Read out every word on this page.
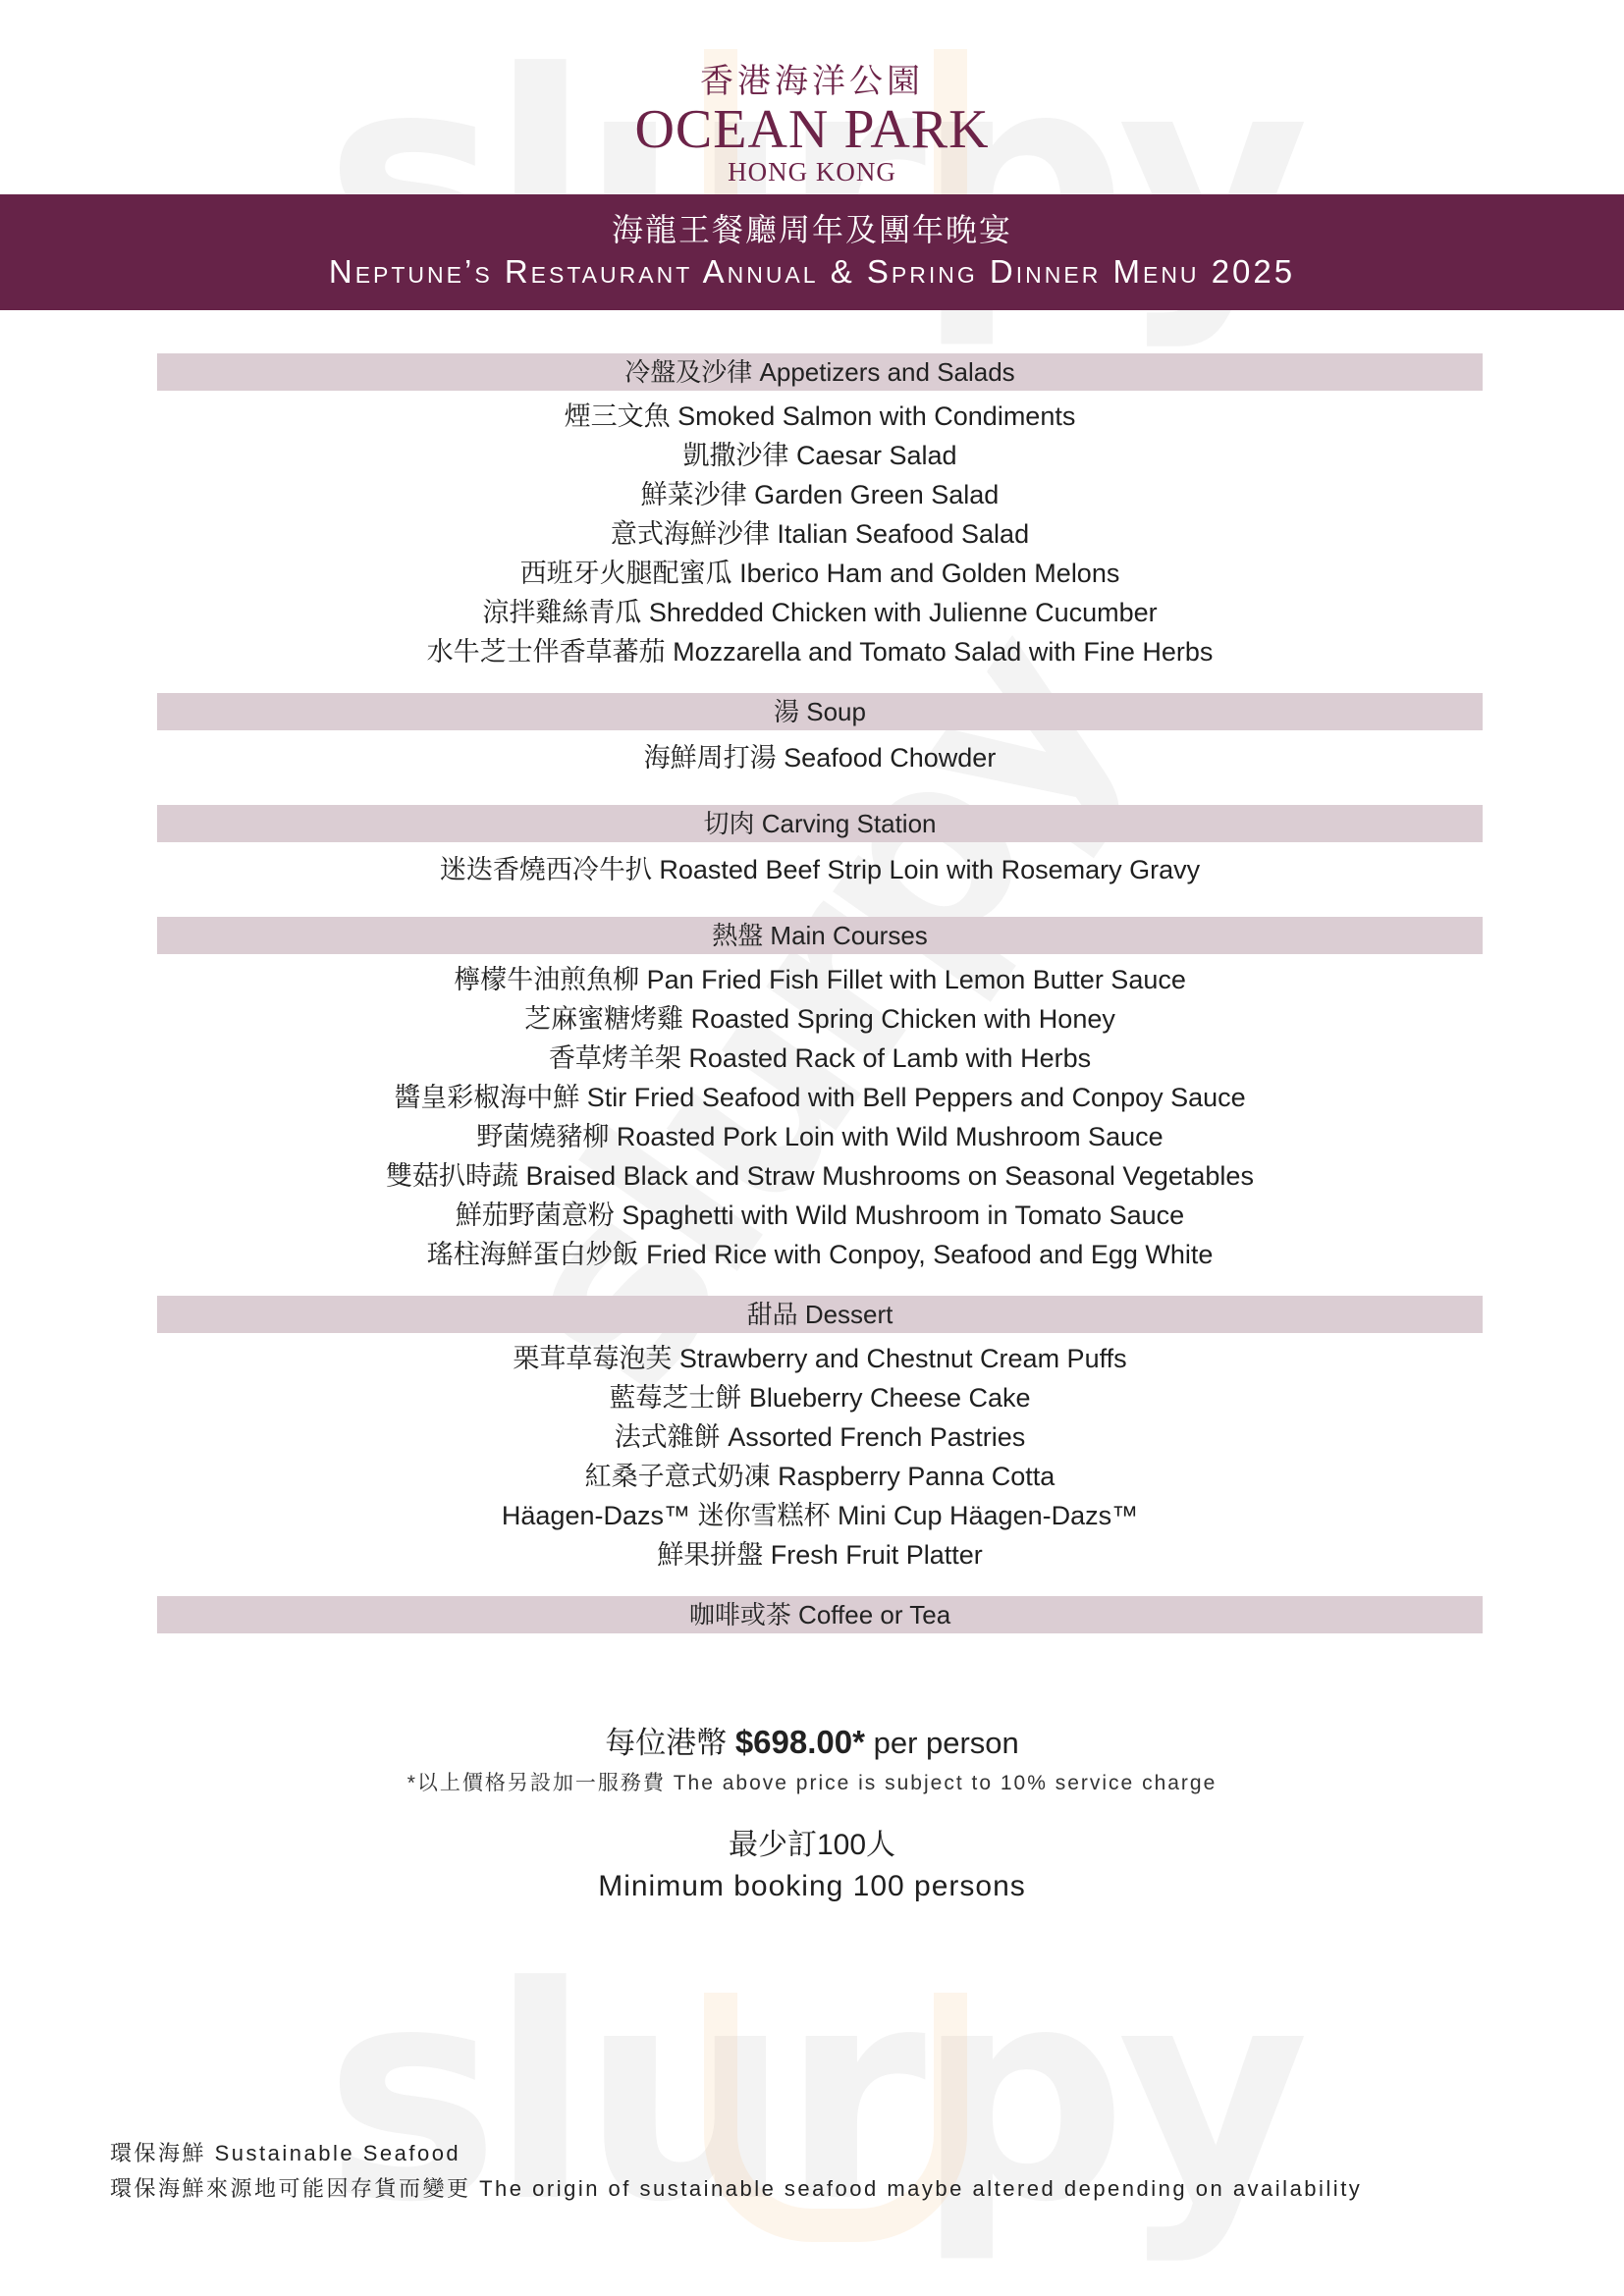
香港海洋公園
OCEAN PARK
HONG KONG
海龍王餐廳周年及團年晚宴
Neptune’s Restaurant Annual & Spring Dinner Menu 2025
冷盤及沙律 Appetizers and Salads
煙三文魚 Smoked Salmon with Condiments
凱撒沙律 Caesar Salad
鮮菜沙律 Garden Green Salad
意式海鮮沙律 Italian Seafood Salad
西班牙火腿配蜜瓜 Iberico Ham and Golden Melons
涼拌雞絲青瓜 Shredded Chicken with Julienne Cucumber
水牛芝士伴香草蕃茄 Mozzarella and Tomato Salad with Fine Herbs
湯 Soup
海鮮周打湯 Seafood Chowder
切肉 Carving Station
迷迭香燒西冷牛扒 Roasted Beef Strip Loin with Rosemary Gravy
熱盤 Main Courses
檸檬牛油煎魚柳 Pan Fried Fish Fillet with Lemon Butter Sauce
芝麻蜜糖烤雞 Roasted Spring Chicken with Honey
香草烤羊架 Roasted Rack of Lamb with Herbs
醬皇彩椒海中鮮 Stir Fried Seafood with Bell Peppers and Conpoy Sauce
野菌燒豬柳 Roasted Pork Loin with Wild Mushroom Sauce
雙菇扒時蔬 Braised Black and Straw Mushrooms on Seasonal Vegetables
鮮茄野菌意粉 Spaghetti with Wild Mushroom in Tomato Sauce
瑤柱海鮮蛋白炒飯 Fried Rice with Conpoy, Seafood and Egg White
甜品 Dessert
栗茸草莓泡芙 Strawberry and Chestnut Cream Puffs
藍莓芝士餅 Blueberry Cheese Cake
法式雜餅 Assorted French Pastries
紅桑子意式奶凍 Raspberry Panna Cotta
Häagen-Dazs™ 迷你雪糕杯 Mini Cup Häagen-Dazs™
鮮果拼盤 Fresh Fruit Platter
咖啡或茶 Coffee or Tea
每位港幣 $698.00* per person
*以上價格另設加一服務費 The above price is subject to 10% service charge
最少訂100人
Minimum booking 100 persons
環保海鮮 Sustainable Seafood
環保海鮮來源地可能因存貨而變更 The origin of sustainable seafood maybe altered depending on availability
